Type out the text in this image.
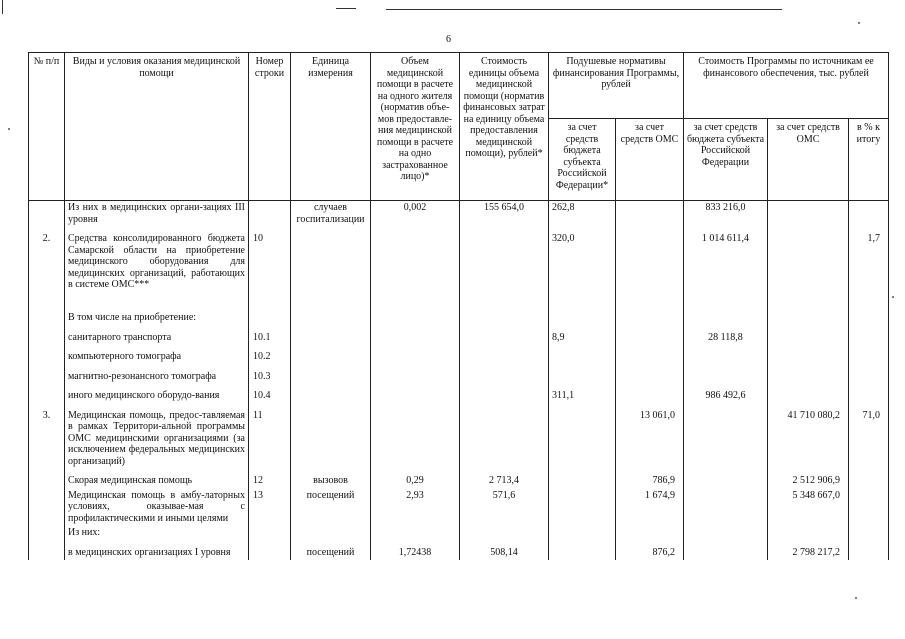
6
№ п/п	Виды и условия оказания медицинской помощи	Номер строки	Единица измерения	Объем медицинской помощи в расчете на одного жителя (норматив объе-мов предоставле-ния медицинской помощи в расчете на одно застрахованное лицо)*	Стоимость единицы объема медицинской помощи (норматив финансовых затрат на единицу объема предоставления медицинской помощи), рублей*	Подушевые нормативы финансирования Программы, рублей		Стоимость Программы по источникам ее финансового обеспечения, тыс. рублей		
						за счет средств бюджета субъекта Российской Федерации*	за счет средств ОМС	за счет средств бюджета субъекта Российской Федерации	за счет средств ОМС	в % к итогу
	Из них в медицинских органи-зациях III уровня		случаев госпитализации	0,002	155 654,0	262,8		833 216,0		
2.	Средства консолидированного бюджета Самарской области на приобретение медицинского оборудования для медицинских организаций, работающих в системе ОМС***	10				320,0		1 014 611,4		1,7
	В том числе на приобретение:									
	санитарного транспорта	10.1				8,9		28 118,8		
	компьютерного томографа	10.2								
	магнитно-резонансного томографа	10.3								
	иного медицинского оборудо-вания	10.4				311,1		986 492,6		
3.	Медицинская помощь, предос-тавляемая в рамках Территори-альной программы ОМС медицинскими организациями (за исключением федеральных медицинских организаций)	11					13 061,0		41 710 080,2	71,0
	Скорая медицинская помощь	12	вызовов	0,29	2 713,4		786,9		2 512 906,9	
	Медицинская помощь в амбу-латорных условиях, оказывае-мая с профилактическими и иными целями	13	посещений	2,93	571,6		1 674,9		5 348 667,0	
	Из них:									
	в медицинских организациях I уровня		посещений	1,72438	508,14		876,2		2 798 217,2	
